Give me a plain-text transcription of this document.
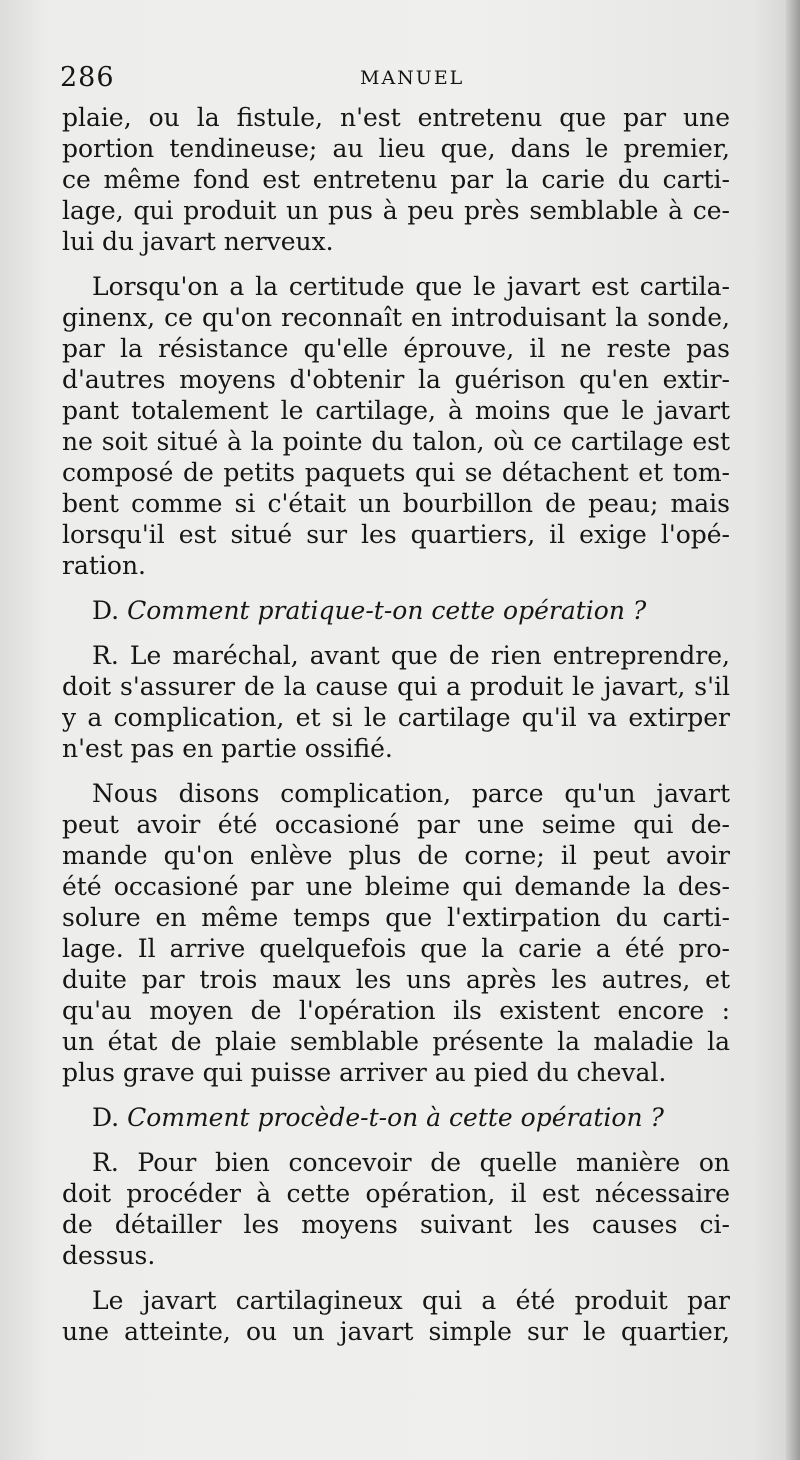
286	MANUEL
plaie, ou la fistule, n'est entretenu que par une
portion tendineuse; au lieu que, dans le premier,
ce même fond est entretenu par la carie du carti-
lage, qui produit un pus à peu près semblable à ce-
lui du javart nerveux.
Lorsqu'on a la certitude que le javart est cartila-
ginenx, ce qu'on reconnaît en introduisant la sonde,
par la résistance qu'elle éprouve, il ne reste pas
d'autres moyens d'obtenir la guérison qu'en extir-
pant totalement le cartilage, à moins que le javart
ne soit situé à la pointe du talon, où ce cartilage est
composé de petits paquets qui se détachent et tom-
bent comme si c'était un bourbillon de peau; mais
lorsqu'il est situé sur les quartiers, il exige l'opé-
ration.
D. Comment pratique-t-on cette opération ?
R. Le maréchal, avant que de rien entreprendre,
doit s'assurer de la cause qui a produit le javart, s'il
y a complication, et si le cartilage qu'il va extirper
n'est pas en partie ossifié.
Nous disons complication, parce qu'un javart
peut avoir été occasioné par une seime qui de-
mande qu'on enlève plus de corne; il peut avoir
été occasioné par une bleime qui demande la des-
solure en même temps que l'extirpation du carti-
lage. Il arrive quelquefois que la carie a été pro-
duite par trois maux les uns après les autres, et
qu'au moyen de l'opération ils existent encore :
un état de plaie semblable présente la maladie la
plus grave qui puisse arriver au pied du cheval.
D. Comment procède-t-on à cette opération ?
R. Pour bien concevoir de quelle manière on
doit procéder à cette opération, il est nécessaire
de détailler les moyens suivant les causes ci-
dessus.
Le javart cartilagineux qui a été produit par
une atteinte, ou un javart simple sur le quartier,
